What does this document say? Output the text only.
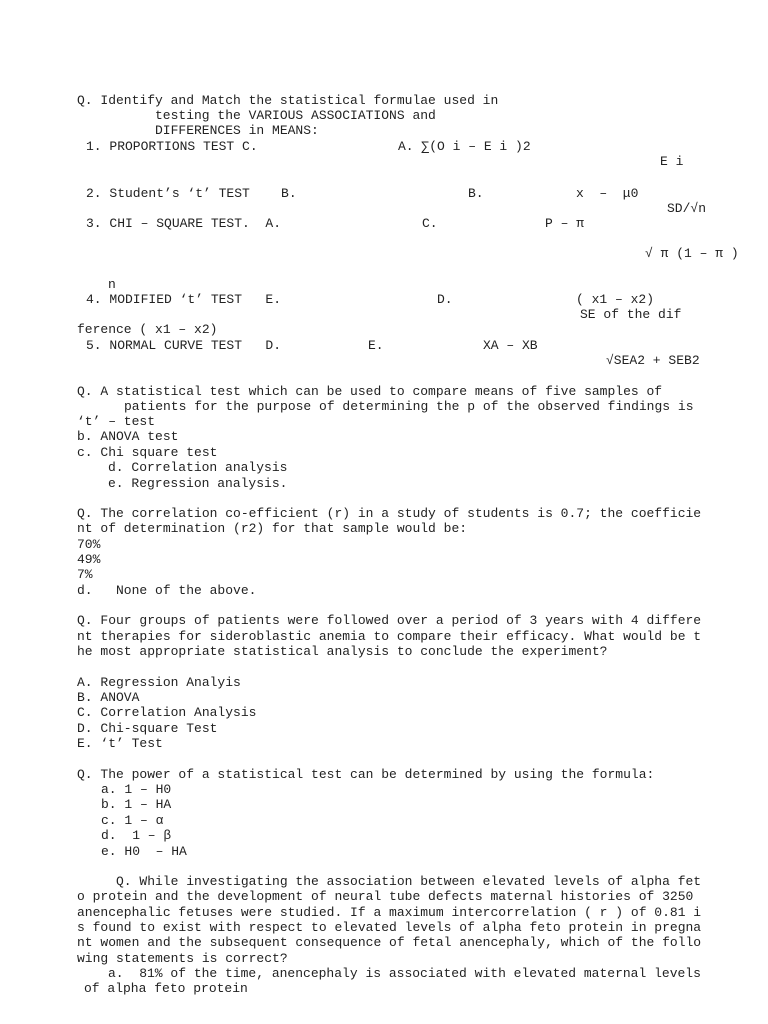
Q. Identify and Match the statistical formulae used in
testing the VARIOUS ASSOCIATIONS and
DIFFERENCES in MEANS:
1. PROPORTIONS TEST C.	A. ∑(O i – E i )2
E i
2. Student’s ‘t’ TEST    B.	B.	x  –  μ0
SD/√n
3. CHI – SQUARE TEST.  A.	C.	P – π
√ π (1 – π )
n
4. MODIFIED ‘t’ TEST   E.	D.	( x1 – x2)
SE of the dif
ference ( x1 – x2)
5. NORMAL CURVE TEST   D.	E.	XA – XB
√SEA2 + SEB2
Q. A statistical test which can be used to compare means of five samples of
patients for the purpose of determining the p of the observed findings is
‘t’ – test
b. ANOVA test
c. Chi square test
d. Correlation analysis
e. Regression analysis.
Q. The correlation co-efficient (r) in a study of students is 0.7; the coefficie
nt of determination (r2) for that sample would be:
70%
49%
7%
d.   None of the above.
Q. Four groups of patients were followed over a period of 3 years with 4 differe
nt therapies for sideroblastic anemia to compare their efficacy. What would be t
he most appropriate statistical analysis to conclude the experiment?
A. Regression Analyis
B. ANOVA
C. Correlation Analysis
D. Chi-square Test
E. ‘t’ Test
Q. The power of a statistical test can be determined by using the formula:
a. 1 – H0
b. 1 – HA
c. 1 – α
d.  1 – β
e. H0  – HA
Q. While investigating the association between elevated levels of alpha fet
o protein and the development of neural tube defects maternal histories of 3250
anencephalic fetuses were studied. If a maximum intercorrelation ( r ) of 0.81 i
s found to exist with respect to elevated levels of alpha feto protein in pregna
nt women and the subsequent consequence of fetal anencephaly, which of the follo
wing statements is correct?
a.  81% of the time, anencephaly is associated with elevated maternal levels
of alpha feto protein
